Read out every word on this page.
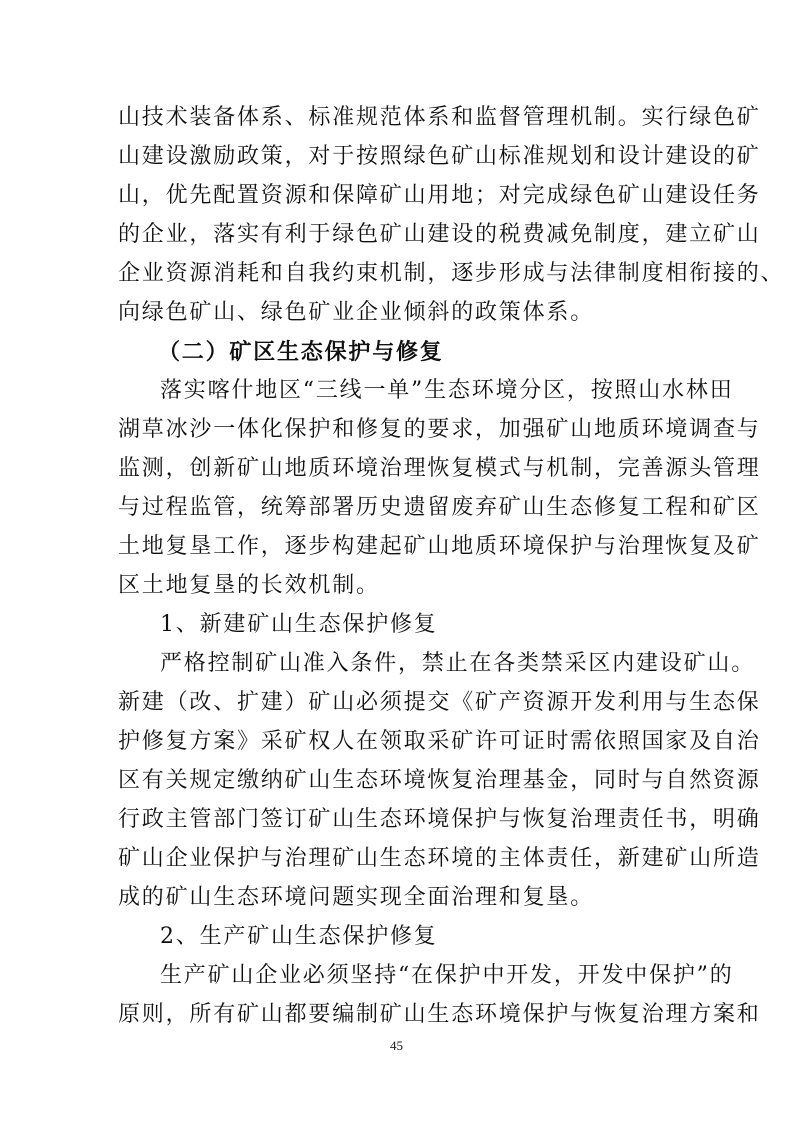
山技术装备体系、标准规范体系和监督管理机制。实行绿色矿
山建设激励政策，对于按照绿色矿山标准规划和设计建设的矿
山，优先配置资源和保障矿山用地；对完成绿色矿山建设任务
的企业，落实有利于绿色矿山建设的税费减免制度，建立矿山
企业资源消耗和自我约束机制，逐步形成与法律制度相衔接的、
向绿色矿山、绿色矿业企业倾斜的政策体系。
（二）矿区生态保护与修复
落实喀什地区“三线一单”生态环境分区，按照山水林田
湖草冰沙一体化保护和修复的要求，加强矿山地质环境调查与
监测，创新矿山地质环境治理恢复模式与机制，完善源头管理
与过程监管，统筹部署历史遗留废弃矿山生态修复工程和矿区
土地复垦工作，逐步构建起矿山地质环境保护与治理恢复及矿
区土地复垦的长效机制。
1、新建矿山生态保护修复
严格控制矿山准入条件，禁止在各类禁采区内建设矿山。
新建（改、扩建）矿山必须提交《矿产资源开发利用与生态保
护修复方案》采矿权人在领取采矿许可证时需依照国家及自治
区有关规定缴纳矿山生态环境恢复治理基金，同时与自然资源
行政主管部门签订矿山生态环境保护与恢复治理责任书，明确
矿山企业保护与治理矿山生态环境的主体责任，新建矿山所造
成的矿山生态环境问题实现全面治理和复垦。
2、生产矿山生态保护修复
生产矿山企业必须坚持“在保护中开发，开发中保护”的
原则，所有矿山都要编制矿山生态环境保护与恢复治理方案和
45
